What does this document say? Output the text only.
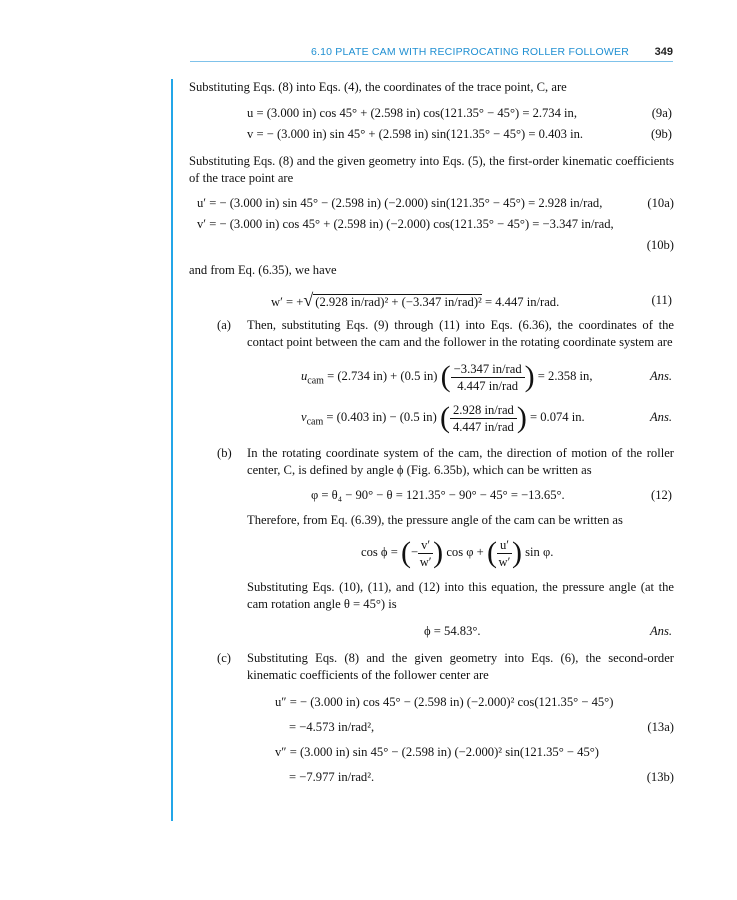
6.10 PLATE CAM WITH RECIPROCATING ROLLER FOLLOWER 349

Substituting Eqs. (8) into Eqs. (4), the coordinates of the trace point, C, are

u = (3.000 in) cos 45° + (2.598 in) cos(121.35° − 45°) = 2.734 in,	(9a)
v = − (3.000 in) sin 45° + (2.598 in) sin(121.35° − 45°) = 0.403 in.	(9b)

Substituting Eqs. (8) and the given geometry into Eqs. (5), the first-order kinematic coefficients of the trace point are

u′ = − (3.000 in) sin 45° − (2.598 in) (−2.000) sin(121.35° − 45°) = 2.928 in/rad,	(10a)
v′ = − (3.000 in) cos 45° + (2.598 in) (−2.000) cos(121.35° − 45°) = −3.347 in/rad,
(10b)

and from Eq. (6.35), we have

w′ = +√ (2.928 in/rad)² + (−3.347 in/rad)² = 4.447 in/rad.	(11)
(a) Then, substituting Eqs. (9) through (11) into Eqs. (6.36), the coordinates of the contact point between the cam and the follower in the rotating coordinate system are

$u_{cam} = (2.734$ in) + (0.5 in) ( $\frac{\text{−3.347 in/rad}}{\text{4.447 in/rad}}$ ) = 2.358 in,	Ans.
$v_{cam} = (0.403$ in) − (0.5 in) ( $\frac{\text{2.928 in/rad}}{\text{4.447 in/rad}}$ ) = 0.074 in.	Ans.
(b) In the rotating coordinate system of the cam, the direction of motion of the roller center, C, is defined by angle ϕ (Fig. 6.35b), which can be written as

φ = θ₄ − 90° − θ = 121.35° − 90° − 45° = −13.65°.	(12)

Therefore, from Eq. (6.39), the pressure angle of the cam can be written as

cos ϕ = (− $\frac{v'}{w'}$ ) cos φ + ( $\frac{u'}{w'}$ ) sin φ.

Substituting Eqs. (10), (11), and (12) into this equation, the pressure angle (at the cam rotation angle θ = 45°) is

ϕ = 54.83°.	Ans.
(c) Substituting Eqs. (8) and the given geometry into Eqs. (6), the second-order kinematic coefficients of the follower center are

u″ = − (3.000 in) cos 45° − (2.598 in) (−2.000)² cos(121.35° − 45°)
= −4.573 in/rad²,	(13a)
v″ = (3.000 in) sin 45° − (2.598 in) (−2.000)² sin(121.35° − 45°)
= −7.977 in/rad².	(13b)
